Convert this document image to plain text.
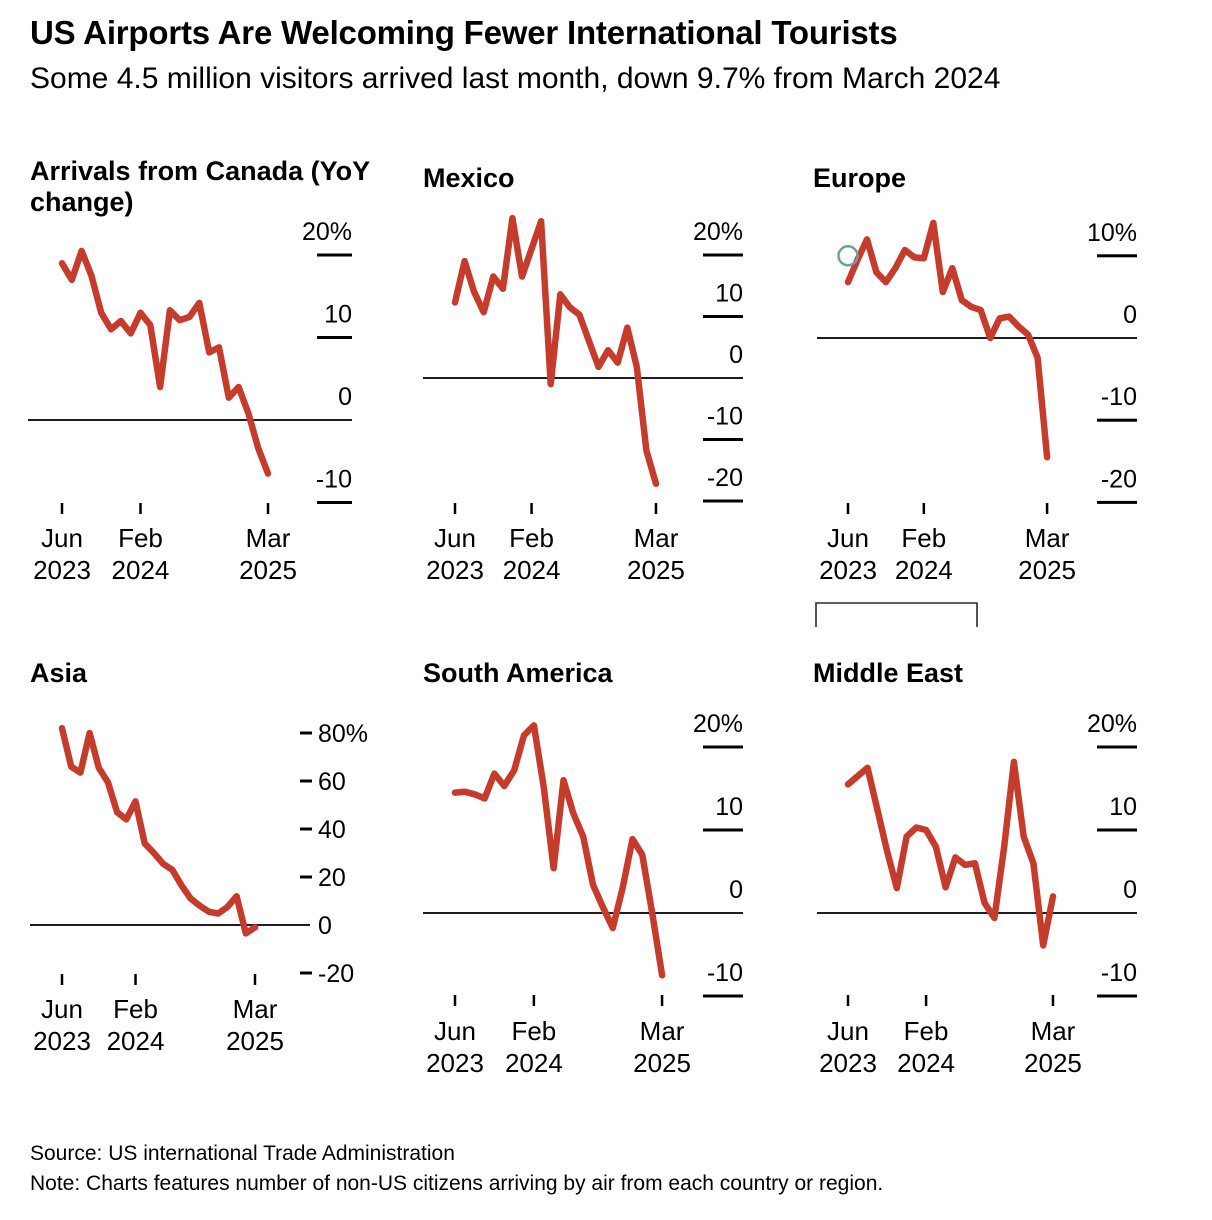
US Airports Are Welcoming Fewer International Tourists
Some 4.5 million visitors arrived last month, down 9.7% from March 2024
Arrivals from Canada (YoY change)
Mexico	Europe
Asia	South America	Middle East
20%
10
0
-10
Jun
2023
Feb
2024
Mar
2025
20%
10
0
-10
-20
Jun
2023
Feb
2024
Mar
2025
10%
0
-10
-20
Jun
2023
Feb
2024
Mar
2025
80%
60
40
20
0
-20
Jun
2023
Feb
2024
Mar
2025
20%
10
0
-10
Jun
2023
Feb
2024
Mar
2025
20%
10
0
-10
Jun
2023
Feb
2024
Mar
2025
Source: US international Trade Administration
Note: Charts features number of non-US citizens arriving by air from each country or region.
